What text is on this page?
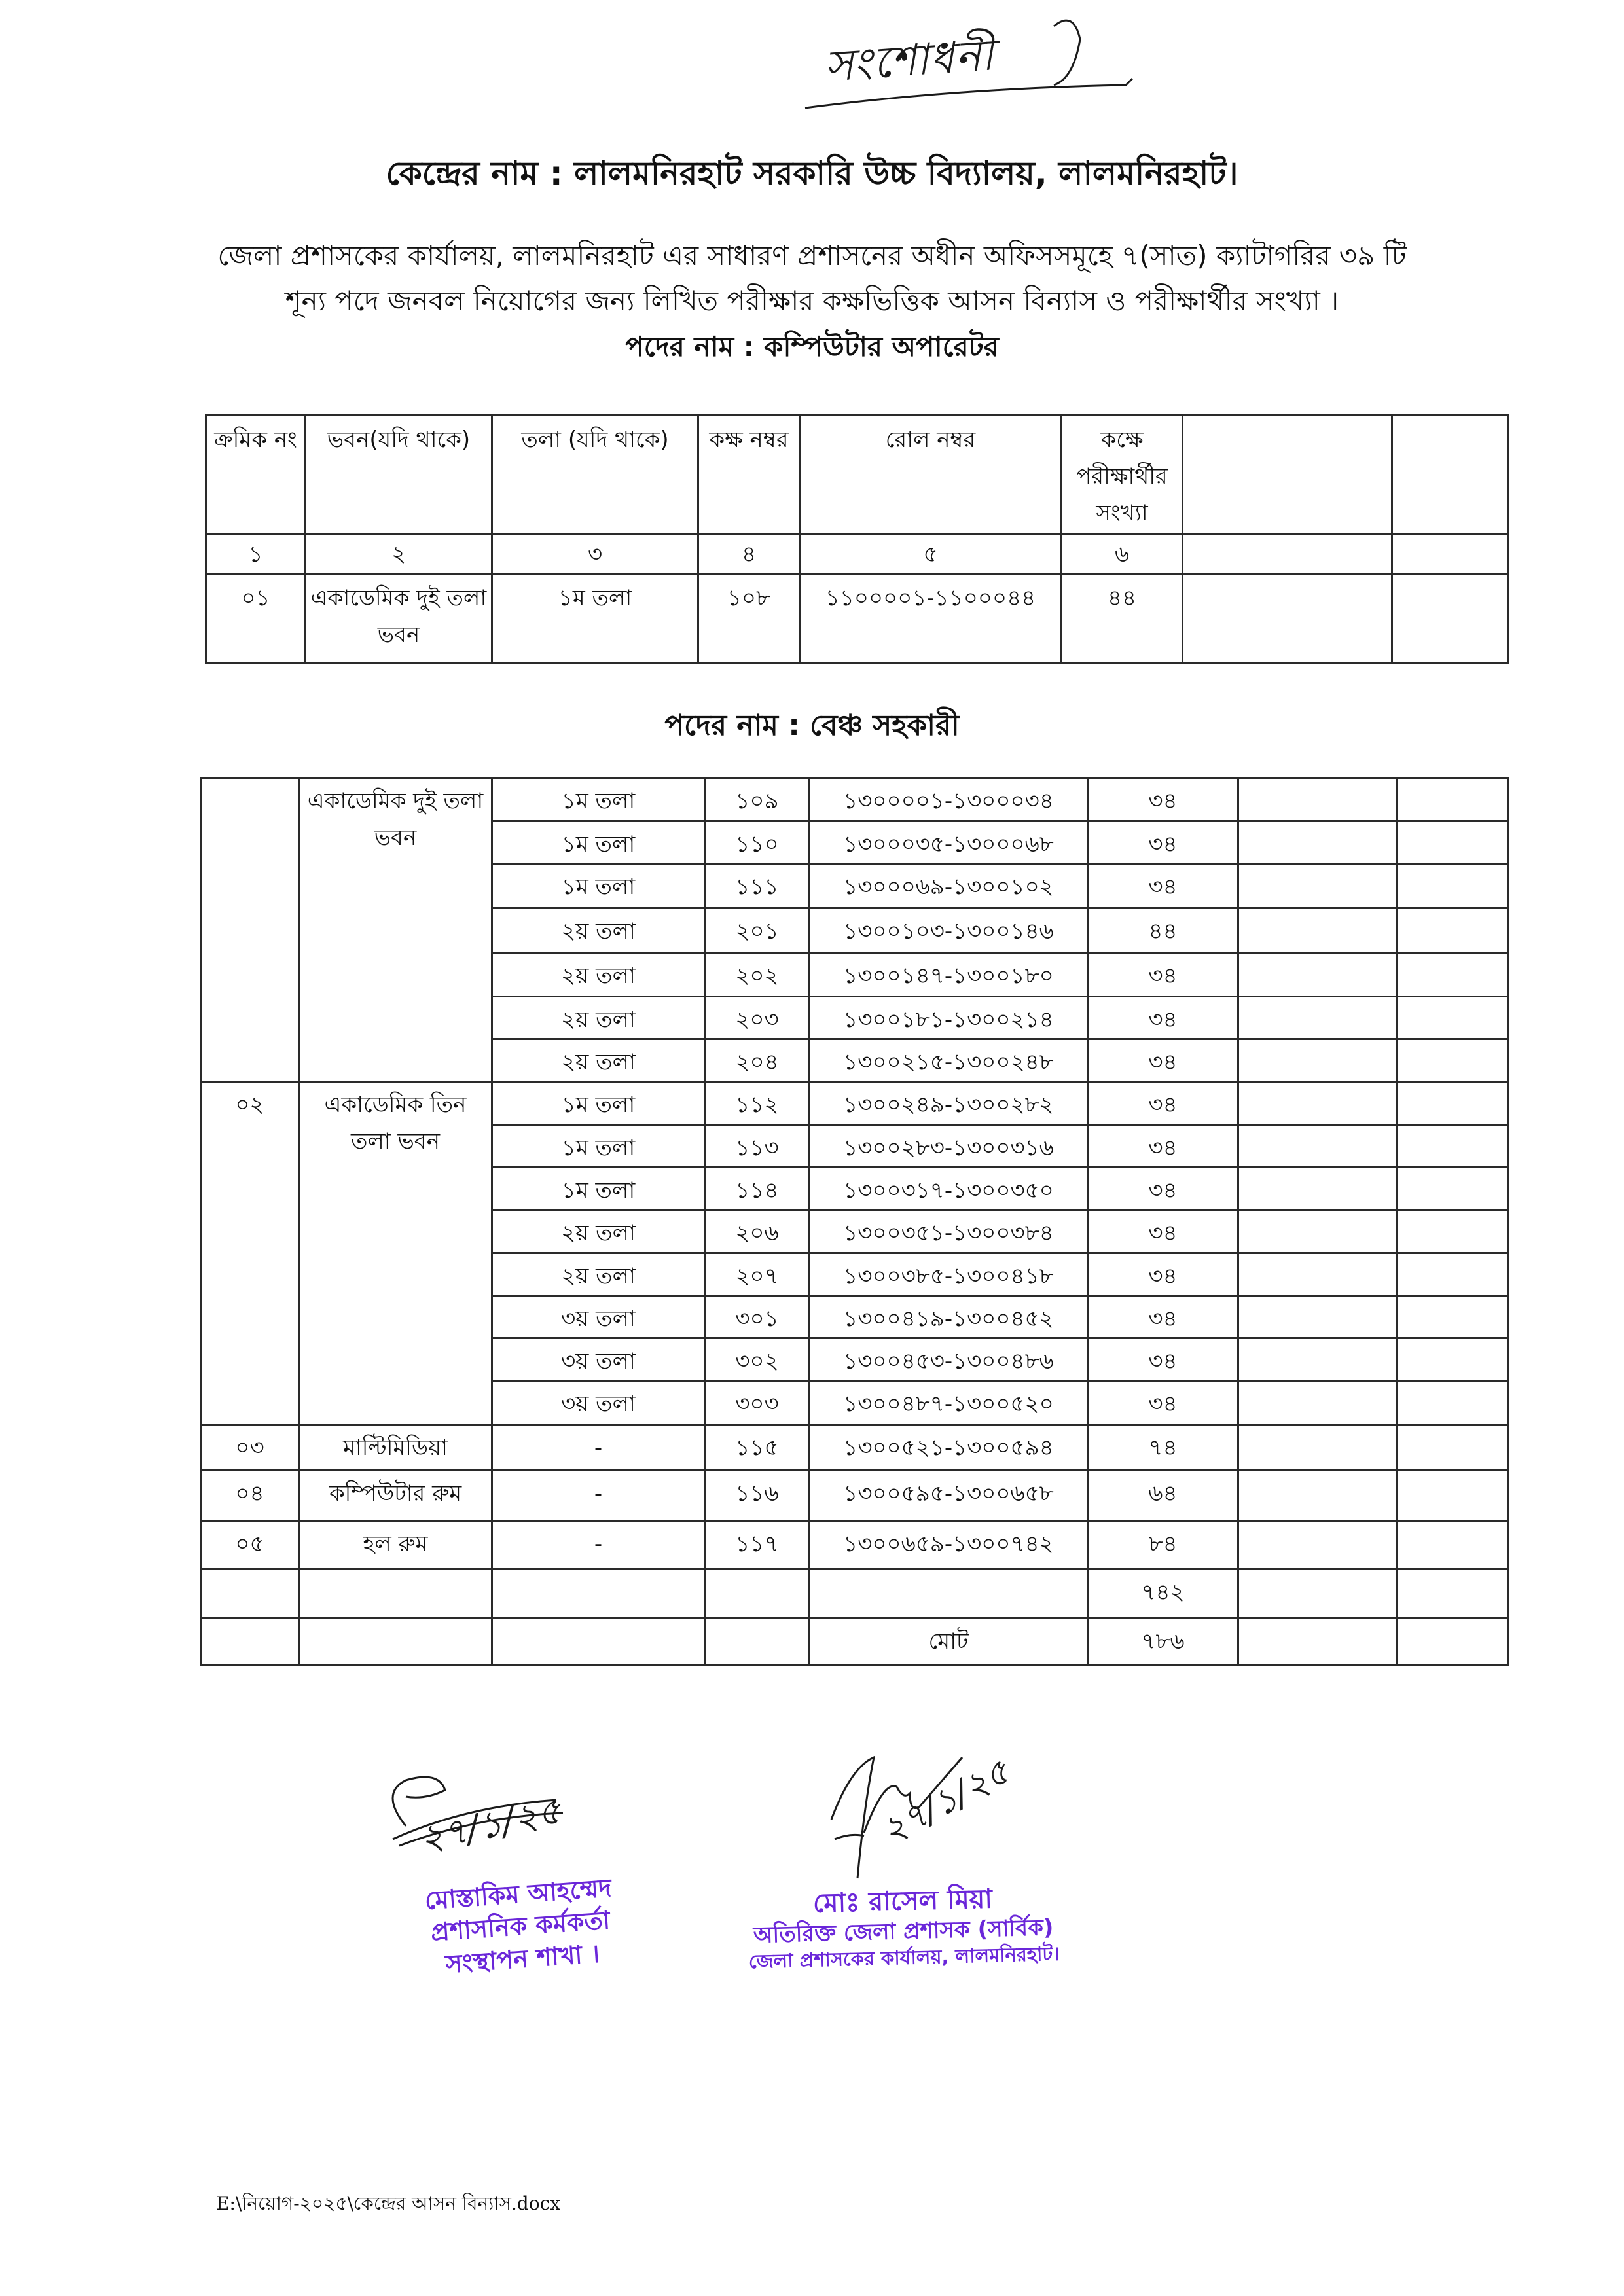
সংশোধনী
কেন্দ্রের নাম : লালমনিরহাট সরকারি উচ্চ বিদ্যালয়, লালমনিরহাট।
জেলা প্রশাসকের কার্যালয়, লালমনিরহাট এর সাধারণ প্রশাসনের অধীন অফিসসমূহে ৭(সাত) ক্যাটাগরির ৩৯ টি
শূন্য পদে জনবল নিয়োগের জন্য লিখিত পরীক্ষার কক্ষভিত্তিক আসন বিন্যাস ও পরীক্ষার্থীর সংখ্যা ।
পদের নাম : কম্পিউটার অপারেটর
ক্রমিক নং	ভবন(যদি থাকে)	তলা (যদি থাকে)	কক্ষ নম্বর	রোল নম্বর	কক্ষে পরীক্ষার্থীর সংখ্যা		
১	২	৩	৪	৫	৬		
০১	একাডেমিক দুই তলা ভবন	১ম তলা	১০৮	১১০০০০১-১১০০০৪৪	৪৪		
পদের নাম : বেঞ্চ সহকারী
	একাডেমিক দুই তলা ভবন	১ম তলা	১০৯	১৩০০০০১-১৩০০০৩৪	৩৪		
		১ম তলা	১১০	১৩০০০৩৫-১৩০০০৬৮	৩৪		
		১ম তলা	১১১	১৩০০০৬৯-১৩০০১০২	৩৪		
		২য় তলা	২০১	১৩০০১০৩-১৩০০১৪৬	৪৪		
		২য় তলা	২০২	১৩০০১৪৭-১৩০০১৮০	৩৪		
		২য় তলা	২০৩	১৩০০১৮১-১৩০০২১৪	৩৪		
		২য় তলা	২০৪	১৩০০২১৫-১৩০০২৪৮	৩৪		
০২	একাডেমিক তিন তলা ভবন	১ম তলা	১১২	১৩০০২৪৯-১৩০০২৮২	৩৪		
		১ম তলা	১১৩	১৩০০২৮৩-১৩০০৩১৬	৩৪		
		১ম তলা	১১৪	১৩০০৩১৭-১৩০০৩৫০	৩৪		
		২য় তলা	২০৬	১৩০০৩৫১-১৩০০৩৮৪	৩৪		
		২য় তলা	২০৭	১৩০০৩৮৫-১৩০০৪১৮	৩৪		
		৩য় তলা	৩০১	১৩০০৪১৯-১৩০০৪৫২	৩৪		
		৩য় তলা	৩০২	১৩০০৪৫৩-১৩০০৪৮৬	৩৪		
		৩য় তলা	৩০৩	১৩০০৪৮৭-১৩০০৫২০	৩৪		
০৩	মাল্টিমিডিয়া	-	১১৫	১৩০০৫২১-১৩০০৫৯৪	৭৪		
০৪	কম্পিউটার রুম	-	১১৬	১৩০০৫৯৫-১৩০০৬৫৮	৬৪		
০৫	হল রুম	-	১১৭	১৩০০৬৫৯-১৩০০৭৪২	৮৪		
					৭৪২		
				মোট	৭৮৬		
২৭/১/২৫	২৭/১/২৫
মোস্তাকিম আহম্মেদ
প্রশাসনিক কর্মকর্তা
সংস্থাপন শাখা ।
মোঃ রাসেল মিয়া
অতিরিক্ত জেলা প্রশাসক (সার্বিক)
জেলা প্রশাসকের কার্যালয়, লালমনিরহাট।
E:\নিয়োগ-২০২৫\কেন্দ্রের আসন বিন্যাস.docx
